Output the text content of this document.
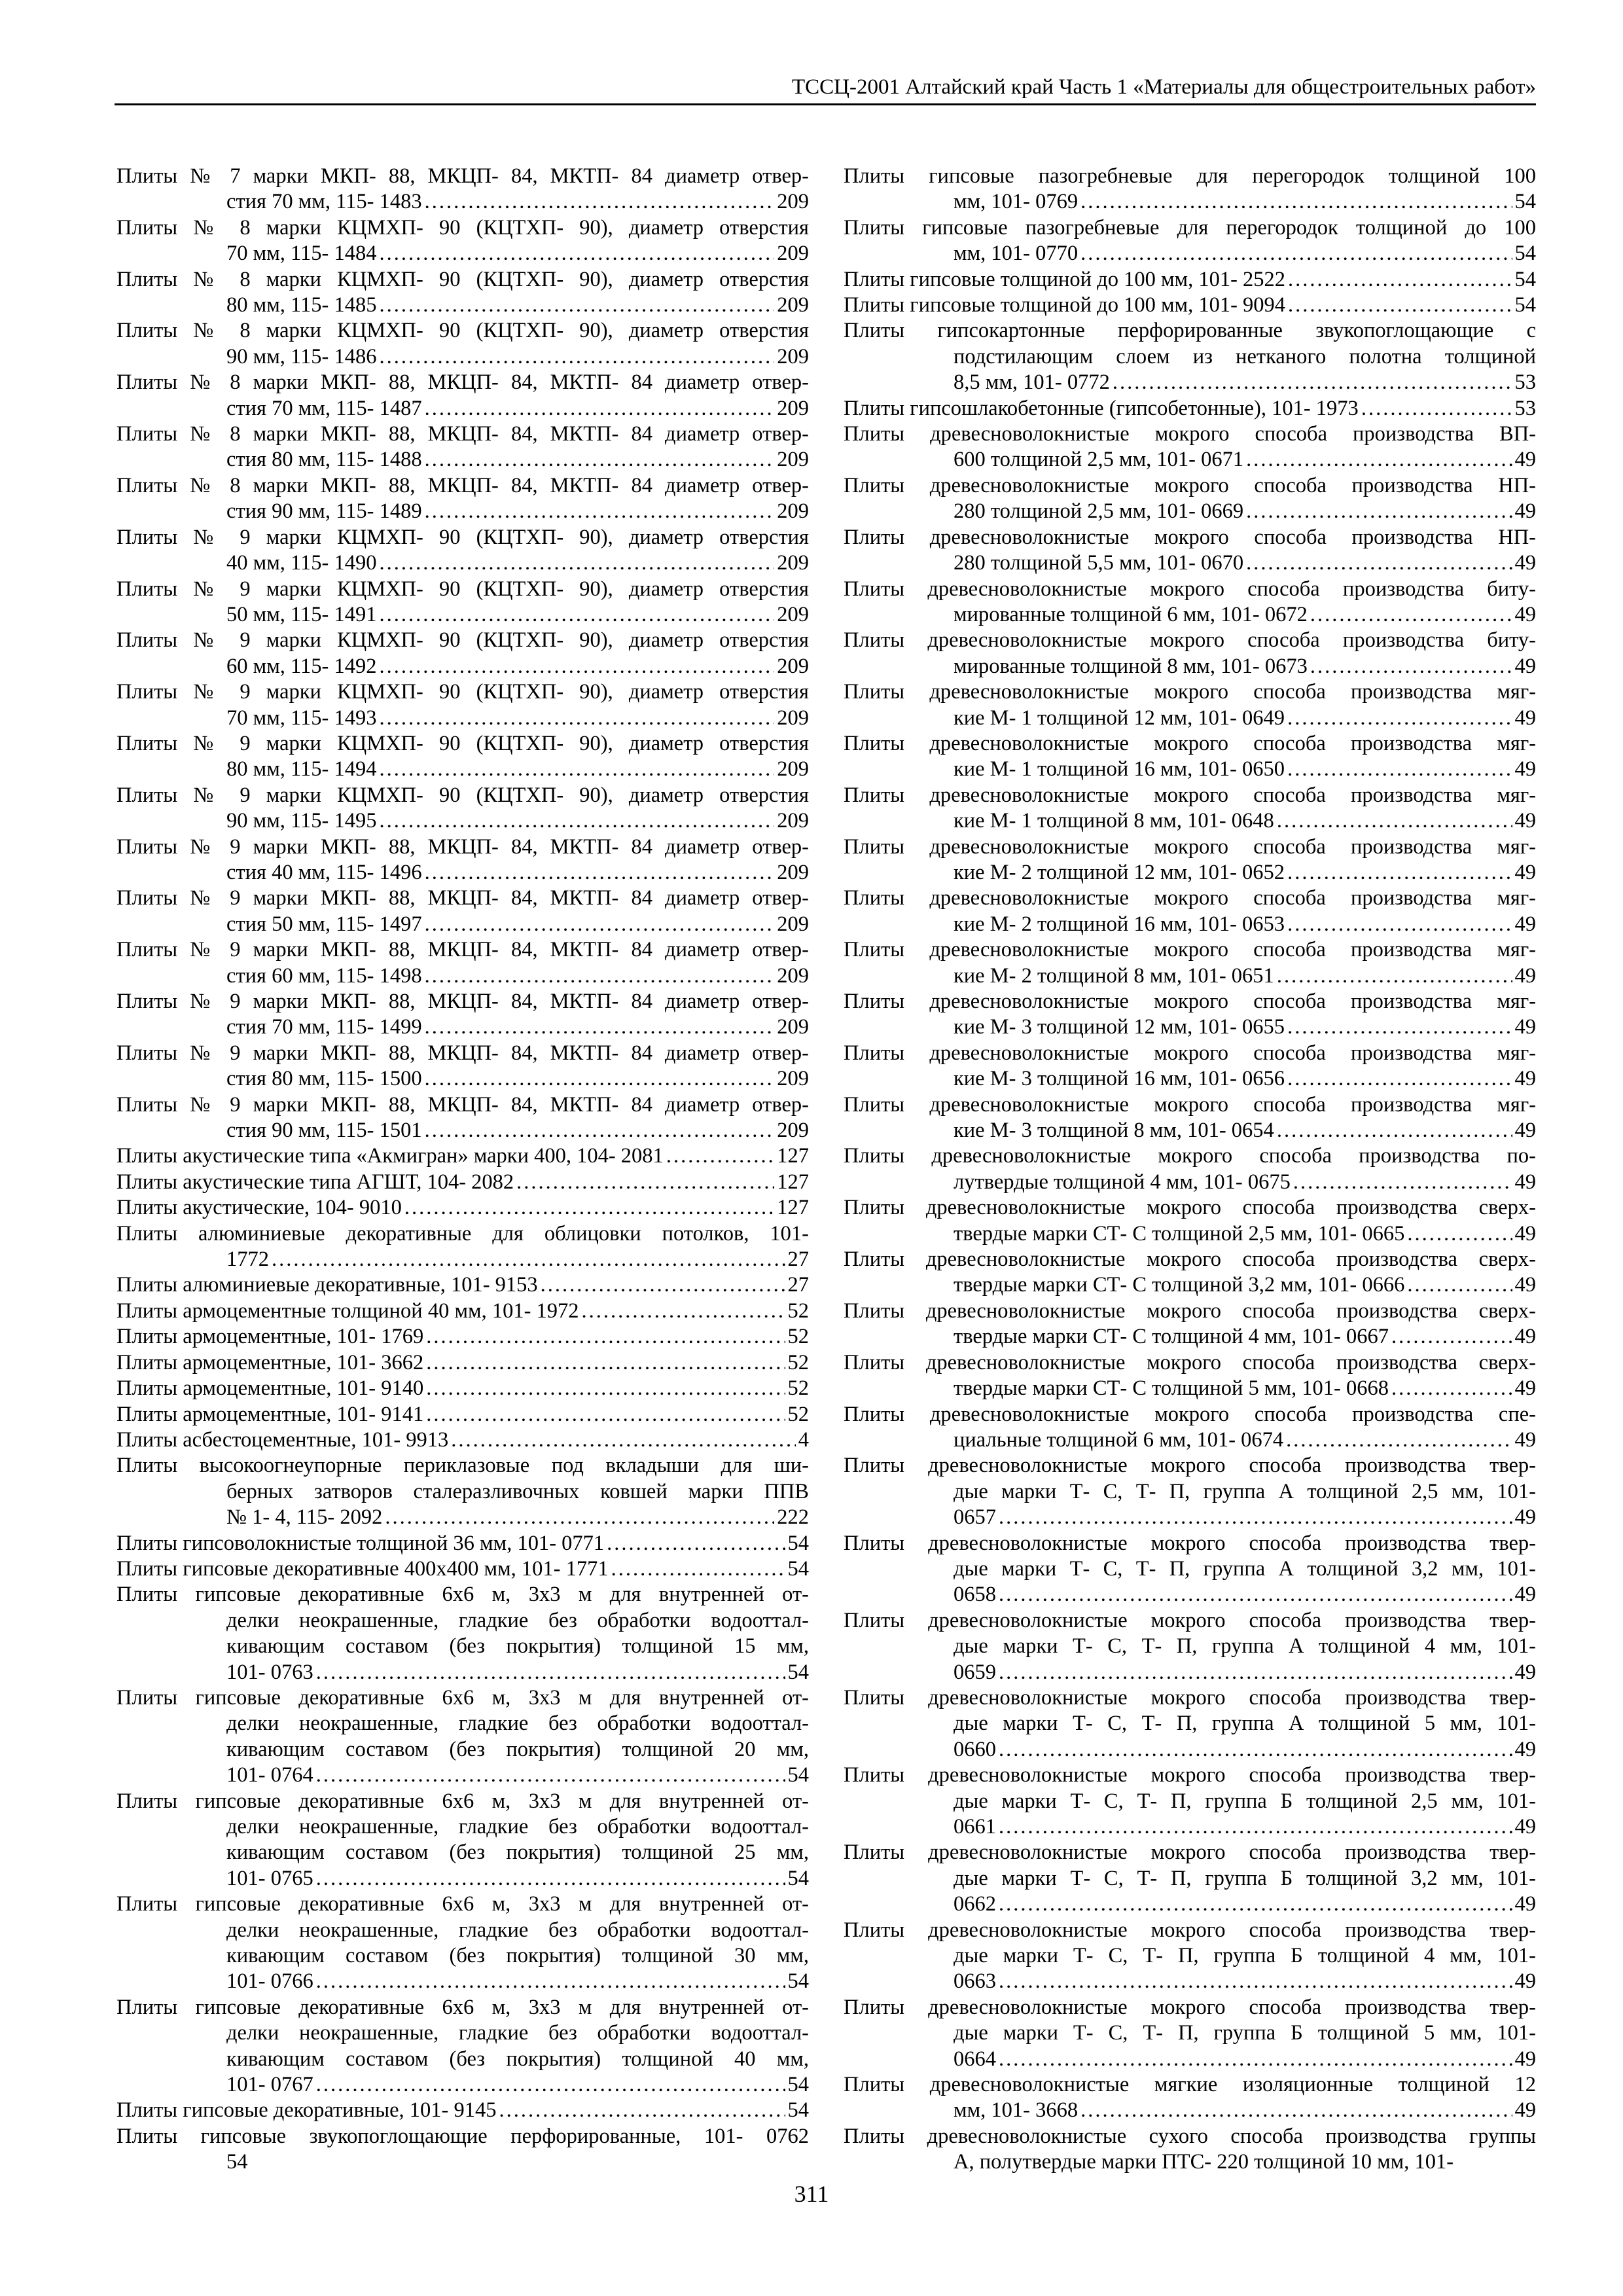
ТССЦ-2001 Алтайский край Часть 1 «Материалы для общестроительных работ»
Плиты № 7 марки МКП- 88, МКЦП- 84, МКТП- 84 диаметр отвер-
стия 70 мм, 115- 1483 .....	209
Плиты № 8 марки КЦМХП- 90 (КЦТХП- 90), диаметр отверстия
70 мм, 115- 1484 .....	209
Плиты № 8 марки КЦМХП- 90 (КЦТХП- 90), диаметр отверстия
80 мм, 115- 1485 .....	209
Плиты № 8 марки КЦМХП- 90 (КЦТХП- 90), диаметр отверстия
90 мм, 115- 1486 .....	209
Плиты № 8 марки МКП- 88, МКЦП- 84, МКТП- 84 диаметр отвер-
стия 70 мм, 115- 1487 .....	209
Плиты № 8 марки МКП- 88, МКЦП- 84, МКТП- 84 диаметр отвер-
стия 80 мм, 115- 1488 .....	209
Плиты № 8 марки МКП- 88, МКЦП- 84, МКТП- 84 диаметр отвер-
стия 90 мм, 115- 1489 .....	209
Плиты № 9 марки КЦМХП- 90 (КЦТХП- 90), диаметр отверстия
40 мм, 115- 1490 .....	209
Плиты № 9 марки КЦМХП- 90 (КЦТХП- 90), диаметр отверстия
50 мм, 115- 1491 .....	209
Плиты № 9 марки КЦМХП- 90 (КЦТХП- 90), диаметр отверстия
60 мм, 115- 1492 .....	209
Плиты № 9 марки КЦМХП- 90 (КЦТХП- 90), диаметр отверстия
70 мм, 115- 1493 .....	209
Плиты № 9 марки КЦМХП- 90 (КЦТХП- 90), диаметр отверстия
80 мм, 115- 1494 .....	209
Плиты № 9 марки КЦМХП- 90 (КЦТХП- 90), диаметр отверстия
90 мм, 115- 1495 .....	209
Плиты № 9 марки МКП- 88, МКЦП- 84, МКТП- 84 диаметр отвер-
стия 40 мм, 115- 1496 .....	209
Плиты № 9 марки МКП- 88, МКЦП- 84, МКТП- 84 диаметр отвер-
стия 50 мм, 115- 1497 .....	209
Плиты № 9 марки МКП- 88, МКЦП- 84, МКТП- 84 диаметр отвер-
стия 60 мм, 115- 1498 .....	209
Плиты № 9 марки МКП- 88, МКЦП- 84, МКТП- 84 диаметр отвер-
стия 70 мм, 115- 1499 .....	209
Плиты № 9 марки МКП- 88, МКЦП- 84, МКТП- 84 диаметр отвер-
стия 80 мм, 115- 1500 .....	209
Плиты № 9 марки МКП- 88, МКЦП- 84, МКТП- 84 диаметр отвер-
стия 90 мм, 115- 1501 .....	209
Плиты акустические типа «Акмигран» марки 400, 104- 2081 .....	127
Плиты акустические типа АГШТ, 104- 2082 .....	127
Плиты акустические, 104- 9010 .....	127
Плиты алюминиевые декоративные для облицовки потолков, 101-
1772 .....	27
Плиты алюминиевые декоративные, 101- 9153 .....	27
Плиты армоцементные толщиной 40 мм, 101- 1972 .....	52
Плиты армоцементные, 101- 1769 .....	52
Плиты армоцементные, 101- 3662 .....	52
Плиты армоцементные, 101- 9140 .....	52
Плиты армоцементные, 101- 9141 .....	52
Плиты асбестоцементные, 101- 9913 .....	4
Плиты высокоогнеупорные периклазовые под вкладыши для ши-
берных затворов сталеразливочных ковшей марки ППВ
№ 1- 4, 115- 2092 .....	222
Плиты гипсоволокнистые толщиной 36 мм, 101- 0771 .....	54
Плиты гипсовые декоративные 400х400 мм, 101- 1771 .....	54
Плиты гипсовые декоративные 6х6 м, 3х3 м для внутренней от-
делки неокрашенные, гладкие без обработки водооттал-
кивающим составом (без покрытия) толщиной 15 мм,
101- 0763 .....	54
Плиты гипсовые декоративные 6х6 м, 3х3 м для внутренней от-
делки неокрашенные, гладкие без обработки водооттал-
кивающим составом (без покрытия) толщиной 20 мм,
101- 0764 .....	54
Плиты гипсовые декоративные 6х6 м, 3х3 м для внутренней от-
делки неокрашенные, гладкие без обработки водооттал-
кивающим составом (без покрытия) толщиной 25 мм,
101- 0765 .....	54
Плиты гипсовые декоративные 6х6 м, 3х3 м для внутренней от-
делки неокрашенные, гладкие без обработки водооттал-
кивающим составом (без покрытия) толщиной 30 мм,
101- 0766 .....	54
Плиты гипсовые декоративные 6х6 м, 3х3 м для внутренней от-
делки неокрашенные, гладкие без обработки водооттал-
кивающим составом (без покрытия) толщиной 40 мм,
101- 0767 .....	54
Плиты гипсовые декоративные, 101- 9145 .....	54
Плиты гипсовые звукопоглощающие перфорированные, 101- 0762
54
Плиты гипсовые пазогребневые для перегородок толщиной 100
мм, 101- 0769 .....	54
Плиты гипсовые пазогребневые для перегородок толщиной до 100
мм, 101- 0770 .....	54
Плиты гипсовые толщиной до 100 мм, 101- 2522 .....	54
Плиты гипсовые толщиной до 100 мм, 101- 9094 .....	54
Плиты гипсокартонные перфорированные звукопоглощающие с
подстилающим слоем из нетканого полотна толщиной
8,5 мм, 101- 0772 .....	53
Плиты гипсошлакобетонные (гипсобетонные), 101- 1973 .....	53
Плиты древесноволокнистые мокрого способа производства ВП-
600 толщиной 2,5 мм, 101- 0671 .....	49
Плиты древесноволокнистые мокрого способа производства НП-
280 толщиной 2,5 мм, 101- 0669 .....	49
Плиты древесноволокнистые мокрого способа производства НП-
280 толщиной 5,5 мм, 101- 0670 .....	49
Плиты древесноволокнистые мокрого способа производства биту-
мированные толщиной 6 мм, 101- 0672 .....	49
Плиты древесноволокнистые мокрого способа производства биту-
мированные толщиной 8 мм, 101- 0673 .....	49
Плиты древесноволокнистые мокрого способа производства мяг-
кие М- 1 толщиной 12 мм, 101- 0649 .....	49
Плиты древесноволокнистые мокрого способа производства мяг-
кие М- 1 толщиной 16 мм, 101- 0650 .....	49
Плиты древесноволокнистые мокрого способа производства мяг-
кие М- 1 толщиной 8 мм, 101- 0648 .....	49
Плиты древесноволокнистые мокрого способа производства мяг-
кие М- 2 толщиной 12 мм, 101- 0652 .....	49
Плиты древесноволокнистые мокрого способа производства мяг-
кие М- 2 толщиной 16 мм, 101- 0653 .....	49
Плиты древесноволокнистые мокрого способа производства мяг-
кие М- 2 толщиной 8 мм, 101- 0651 .....	49
Плиты древесноволокнистые мокрого способа производства мяг-
кие М- 3 толщиной 12 мм, 101- 0655 .....	49
Плиты древесноволокнистые мокрого способа производства мяг-
кие М- 3 толщиной 16 мм, 101- 0656 .....	49
Плиты древесноволокнистые мокрого способа производства мяг-
кие М- 3 толщиной 8 мм, 101- 0654 .....	49
Плиты древесноволокнистые мокрого способа производства по-
лутвердые толщиной 4 мм, 101- 0675 .....	49
Плиты древесноволокнистые мокрого способа производства сверх-
твердые марки СТ- С толщиной 2,5 мм, 101- 0665 .....	49
Плиты древесноволокнистые мокрого способа производства сверх-
твердые марки СТ- С толщиной 3,2 мм, 101- 0666 .....	49
Плиты древесноволокнистые мокрого способа производства сверх-
твердые марки СТ- С толщиной 4 мм, 101- 0667 .....	49
Плиты древесноволокнистые мокрого способа производства сверх-
твердые марки СТ- С толщиной 5 мм, 101- 0668 .....	49
Плиты древесноволокнистые мокрого способа производства спе-
циальные толщиной 6 мм, 101- 0674 .....	49
Плиты древесноволокнистые мокрого способа производства твер-
дые марки Т- С, Т- П, группа А толщиной 2,5 мм, 101-
0657 .....	49
Плиты древесноволокнистые мокрого способа производства твер-
дые марки Т- С, Т- П, группа А толщиной 3,2 мм, 101-
0658 .....	49
Плиты древесноволокнистые мокрого способа производства твер-
дые марки Т- С, Т- П, группа А толщиной 4 мм, 101-
0659 .....	49
Плиты древесноволокнистые мокрого способа производства твер-
дые марки Т- С, Т- П, группа А толщиной 5 мм, 101-
0660 .....	49
Плиты древесноволокнистые мокрого способа производства твер-
дые марки Т- С, Т- П, группа Б толщиной 2,5 мм, 101-
0661 .....	49
Плиты древесноволокнистые мокрого способа производства твер-
дые марки Т- С, Т- П, группа Б толщиной 3,2 мм, 101-
0662 .....	49
Плиты древесноволокнистые мокрого способа производства твер-
дые марки Т- С, Т- П, группа Б толщиной 4 мм, 101-
0663 .....	49
Плиты древесноволокнистые мокрого способа производства твер-
дые марки Т- С, Т- П, группа Б толщиной 5 мм, 101-
0664 .....	49
Плиты древесноволокнистые мягкие изоляционные толщиной 12
мм, 101- 3668 .....	49
Плиты древесноволокнистые сухого способа производства группы
А, полутвердые марки ПТС- 220 толщиной 10 мм, 101-
311
